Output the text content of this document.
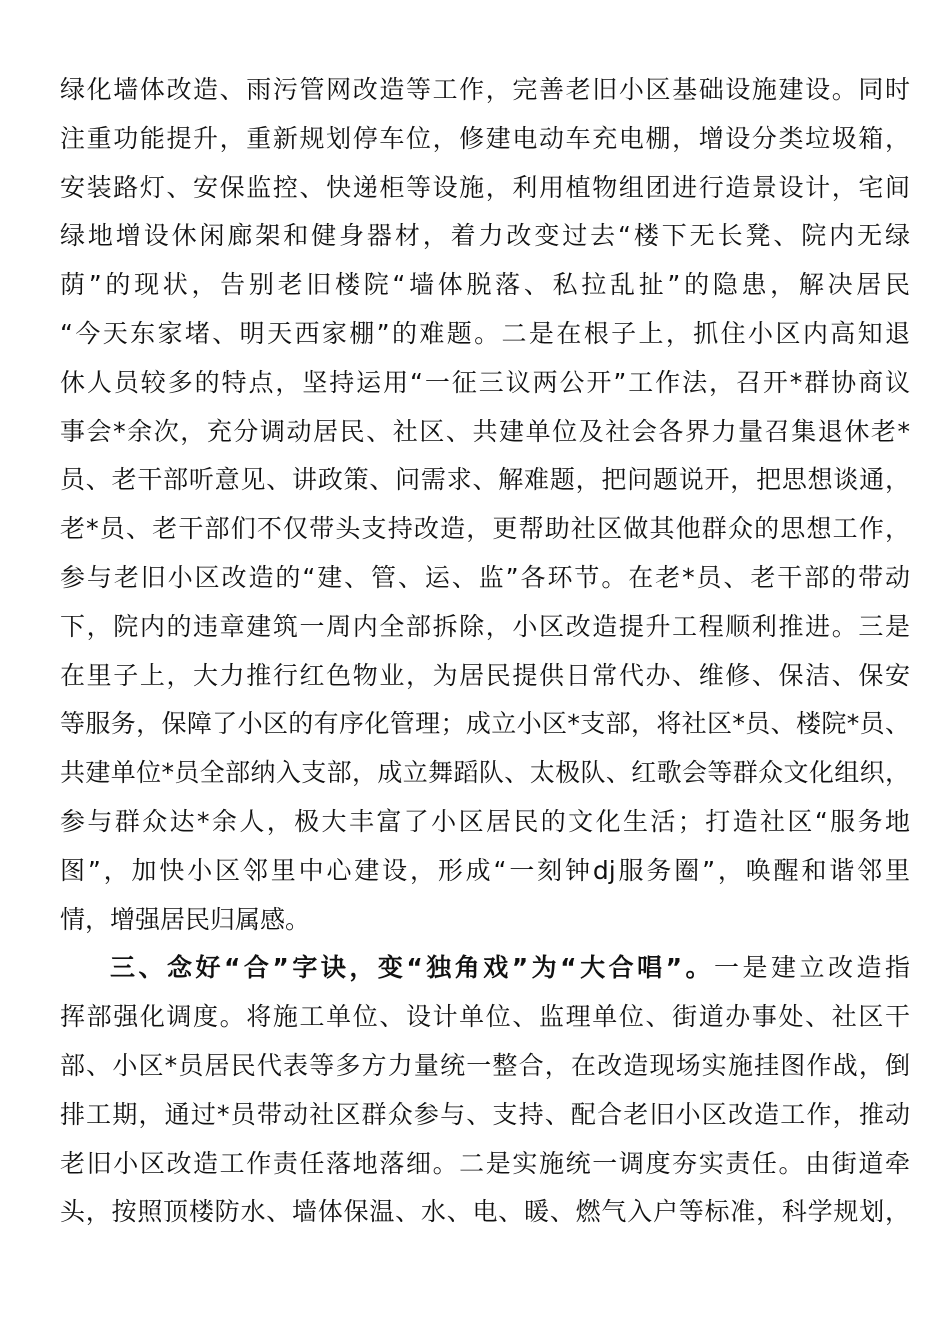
绿化墙体改造、雨污管网改造等工作，完善老旧小区基础设施建设。同时
注重功能提升，重新规划停车位，修建电动车充电棚，增设分类垃圾箱，
安装路灯、安保监控、快递柜等设施，利用植物组团进行造景设计，宅间
绿地增设休闲廊架和健身器材，着力改变过去“楼下无长凳、院内无绿
荫”的现状，告别老旧楼院“墙体脱落、私拉乱扯”的隐患，解决居民
“今天东家堵、明天西家棚”的难题。二是在根子上，抓住小区内高知退
休人员较多的特点，坚持运用“一征三议两公开”工作法，召开*群协商议
事会*余次，充分调动居民、社区、共建单位及社会各界力量召集退休老*
员、老干部听意见、讲政策、问需求、解难题，把问题说开，把思想谈通，
老*员、老干部们不仅带头支持改造，更帮助社区做其他群众的思想工作，
参与老旧小区改造的“建、管、运、监”各环节。在老*员、老干部的带动
下，院内的违章建筑一周内全部拆除，小区改造提升工程顺利推进。三是
在里子上，大力推行红色物业，为居民提供日常代办、维修、保洁、保安
等服务，保障了小区的有序化管理；成立小区*支部，将社区*员、楼院*员、
共建单位*员全部纳入支部，成立舞蹈队、太极队、红歌会等群众文化组织，
参与群众达*余人，极大丰富了小区居民的文化生活；打造社区“服务地
图”，加快小区邻里中心建设，形成“一刻钟dj服务圈”，唤醒和谐邻里
情，增强居民归属感。
三、念好“合”字诀，变“独角戏”为“大合唱”。一是建立改造指
挥部强化调度。将施工单位、设计单位、监理单位、街道办事处、社区干
部、小区*员居民代表等多方力量统一整合，在改造现场实施挂图作战，倒
排工期，通过*员带动社区群众参与、支持、配合老旧小区改造工作，推动
老旧小区改造工作责任落地落细。二是实施统一调度夯实责任。由街道牵
头，按照顶楼防水、墙体保温、水、电、暖、燃气入户等标准，科学规划，
